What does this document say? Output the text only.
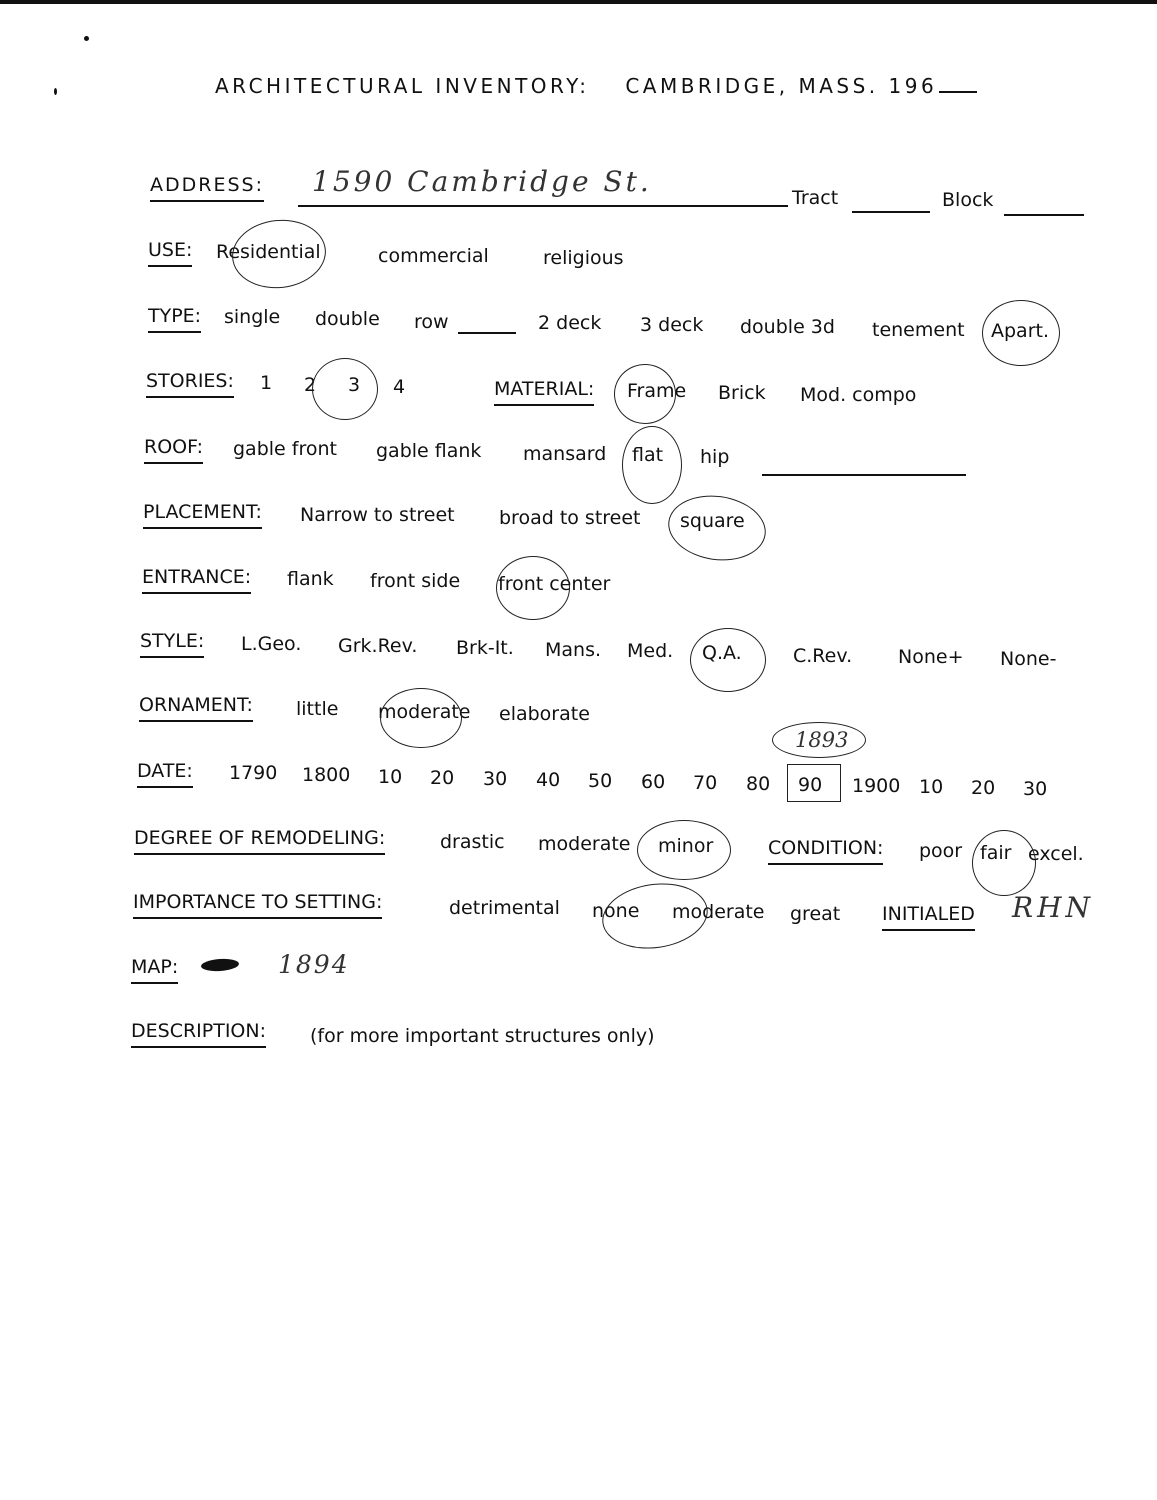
ARCHITECTURAL INVENTORY: CAMBRIDGE, MASS. 196
ADDRESS: 1590 Cambridge St.	Tract	Block
USE: Residential	commercial	religious
TYPE: single double row	2 deck 3 deck double 3d tenement Apart.
STORIES: 1 2 3 4	MATERIAL: Frame Brick Mod. compo
ROOF: gable front gable flank mansard flat hip
PLACEMENT: Narrow to street broad to street square
ENTRANCE: flank front side front center
STYLE: L.Geo. Grk.Rev. Brk-It. Mans. Med. Q.A.	C.Rev. None+ None-
ORNAMENT: little moderate elaborate
DATE: 1790 1800 10 20 30 40 50 60 70 80 90 1900 10 20 30
1893
DEGREE OF REMODELING:	drastic moderate minor	CONDITION: poor fair excel.
IMPORTANCE TO SETTING:	detrimental none moderate great INITIALED RHN
MAP:	1894
DESCRIPTION: (for more important structures only)
